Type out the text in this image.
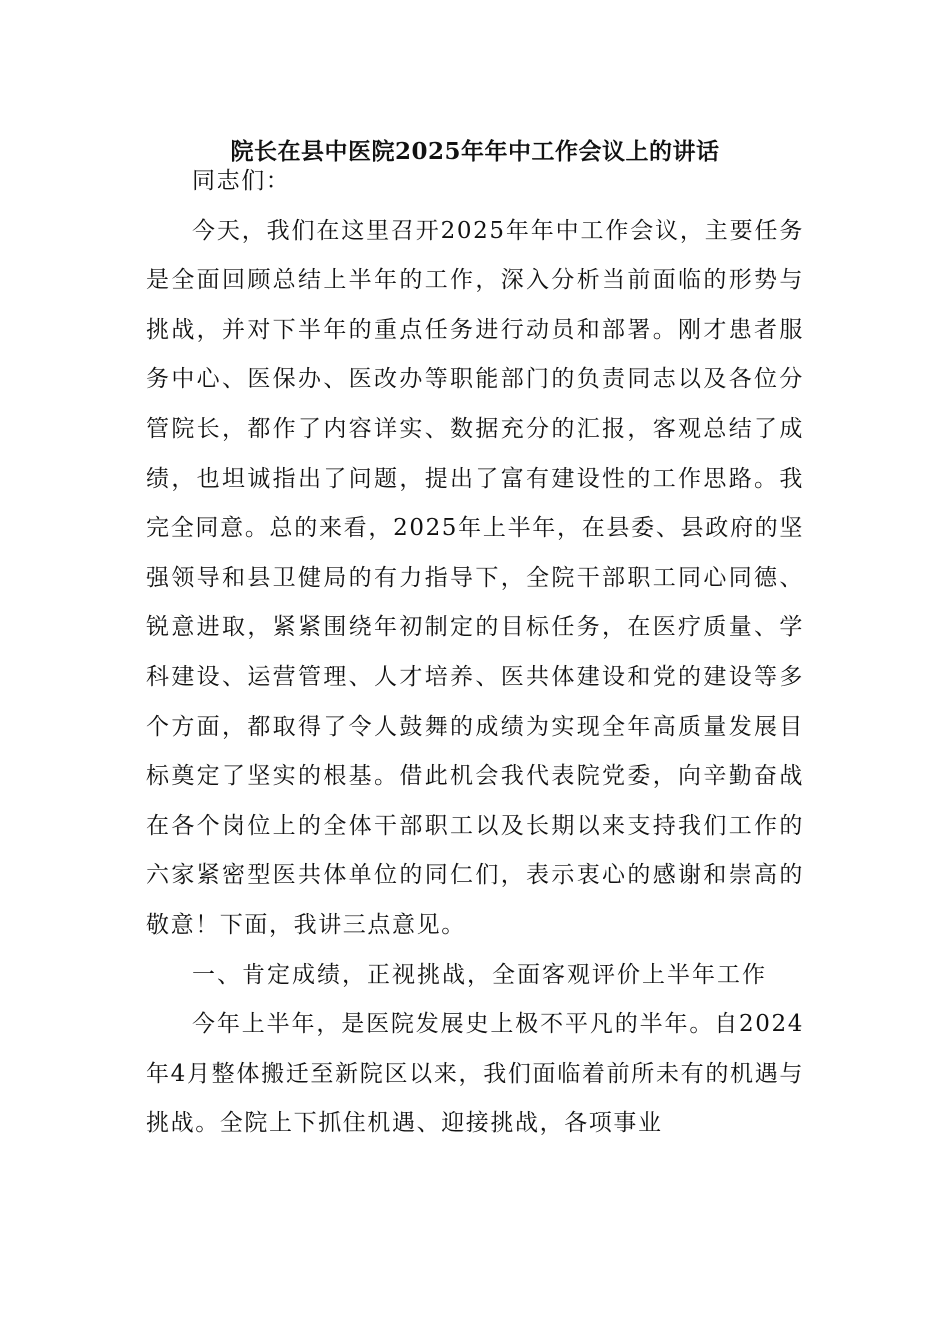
院长在县中医院2025年年中工作会议上的讲话

同志们：

今天，我们在这里召开2025年年中工作会议，主要任务是全面回顾总结上半年的工作，深入分析当前面临的形势与挑战，并对下半年的重点任务进行动员和部署。刚才患者服务中心、医保办、医改办等职能部门的负责同志以及各位分管院长，都作了内容详实、数据充分的汇报，客观总结了成绩，也坦诚指出了问题，提出了富有建设性的工作思路。我完全同意。总的来看，2025年上半年，在县委、县政府的坚强领导和县卫健局的有力指导下，全院干部职工同心同德、锐意进取，紧紧围绕年初制定的目标任务，在医疗质量、学科建设、运营管理、人才培养、医共体建设和党的建设等多个方面，都取得了令人鼓舞的成绩为实现全年高质量发展目标奠定了坚实的根基。借此机会我代表院党委，向辛勤奋战在各个岗位上的全体干部职工以及长期以来支持我们工作的六家紧密型医共体单位的同仁们，表示衷心的感谢和崇高的敬意！下面，我讲三点意见。

一、肯定成绩，正视挑战，全面客观评价上半年工作

今年上半年，是医院发展史上极不平凡的半年。自2024年4月整体搬迁至新院区以来，我们面临着前所未有的机遇与挑战。全院上下抓住机遇、迎接挑战，各项事业
